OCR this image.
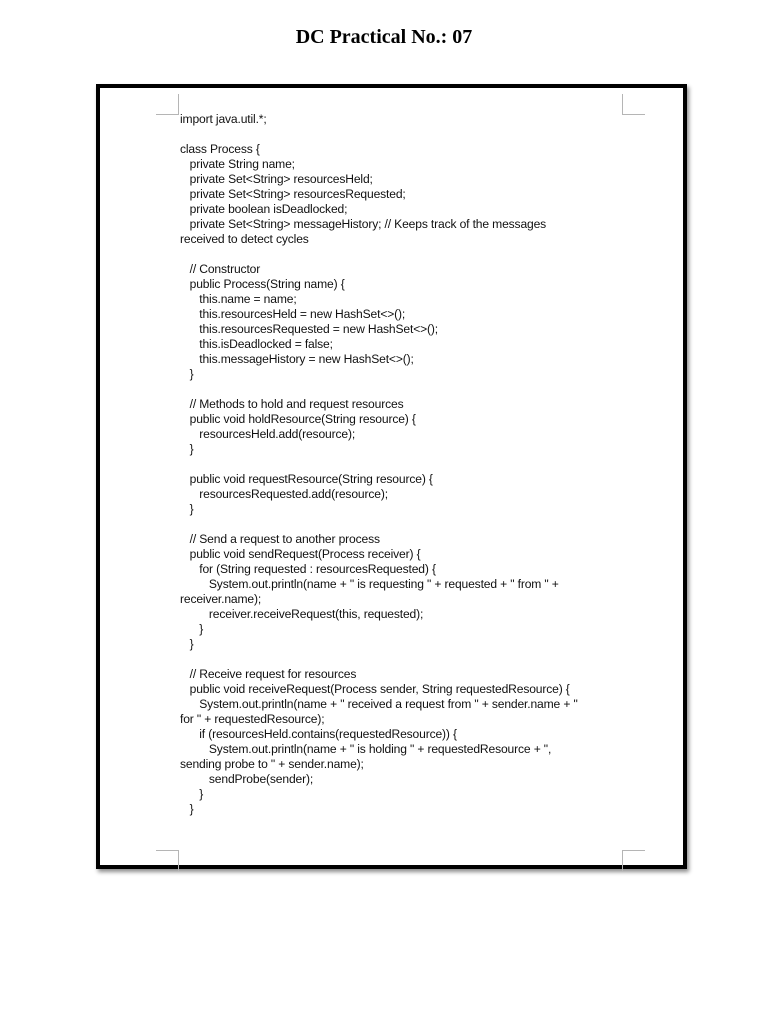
DC Practical No.: 07
import java.util.*;
class Process {
private String name;
private Set<String> resourcesHeld;
private Set<String> resourcesRequested;
private boolean isDeadlocked;
private Set<String> messageHistory; // Keeps track of the messages
received to detect cycles
// Constructor
public Process(String name) {
this.name = name;
this.resourcesHeld = new HashSet<>();
this.resourcesRequested = new HashSet<>();
this.isDeadlocked = false;
this.messageHistory = new HashSet<>();
}
// Methods to hold and request resources
public void holdResource(String resource) {
resourcesHeld.add(resource);
}
public void requestResource(String resource) {
resourcesRequested.add(resource);
}
// Send a request to another process
public void sendRequest(Process receiver) {
for (String requested : resourcesRequested) {
System.out.println(name + " is requesting " + requested + " from " +
receiver.name);
receiver.receiveRequest(this, requested);
}
}
// Receive request for resources
public void receiveRequest(Process sender, String requestedResource) {
System.out.println(name + " received a request from " + sender.name + "
for " + requestedResource);
if (resourcesHeld.contains(requestedResource)) {
System.out.println(name + " is holding " + requestedResource + ",
sending probe to " + sender.name);
sendProbe(sender);
}
}
